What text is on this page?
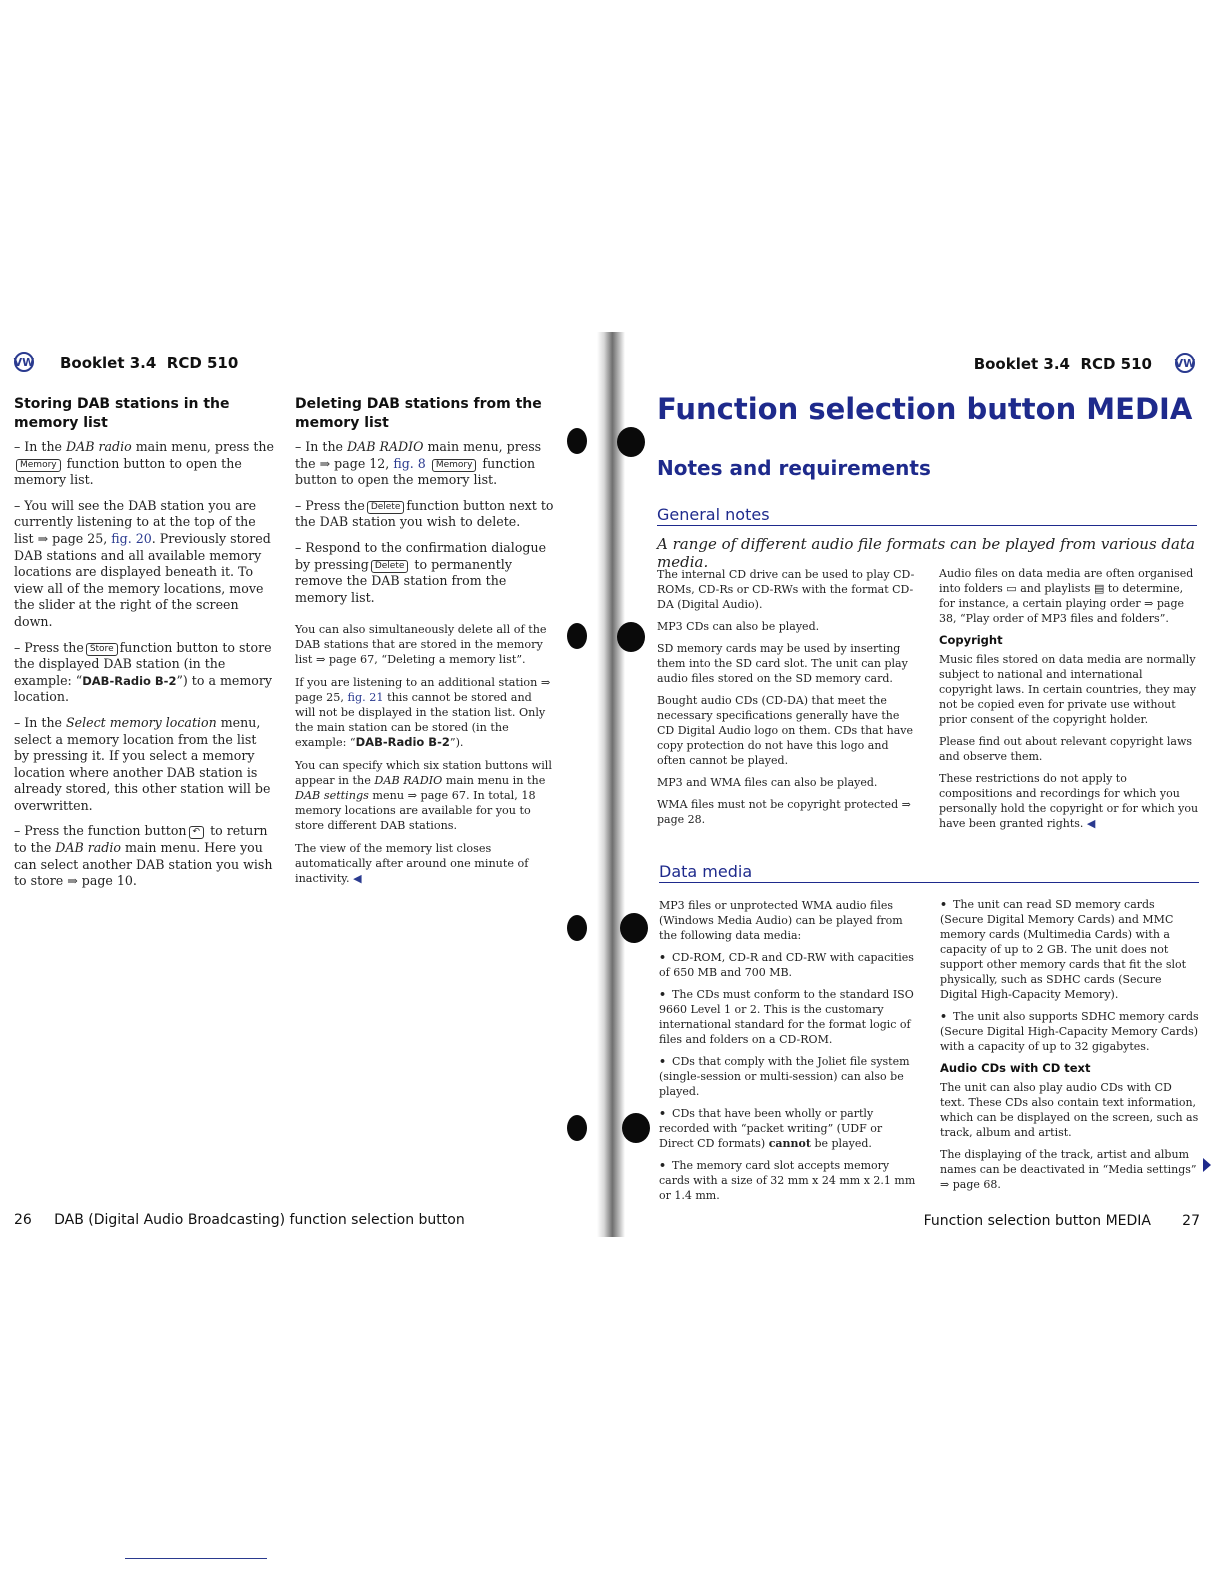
VW Booklet 3.4 RCD 510
Storing DAB stations in the memory list

– In the DAB radio main menu, press the
Memory function button to open the memory list.

– You will see the DAB station you are currently listening to at the top of the list ⇒ page 25, fig. 20. Previously stored DAB stations and all available memory locations are displayed beneath it. To view all of the memory locations, move the slider at the right of the screen down.

– Press the Store function button to store the displayed DAB station (in the example: “DAB-Radio B-2”) to a memory location.

– In the Select memory location menu, select a memory location from the list by pressing it. If you select a memory location where another DAB station is already stored, this other station will be overwritten.

– Press the function button ↶ to return to the DAB radio main menu. Here you can select another DAB station you wish to store ⇒ page 10.

Deleting DAB stations from the memory list

– In the DAB RADIO main menu, press the ⇒ page 12, fig. 8 Memory function button to open the memory list.

– Press the Delete function button next to the DAB station you wish to delete.

– Respond to the confirmation dialogue by pressing Delete to permanently remove the DAB station from the memory list.

You can also simultaneously delete all of the DAB stations that are stored in the memory list ⇒ page 67, “Deleting a memory list”.

If you are listening to an additional station ⇒ page 25, fig. 21 this cannot be stored and will not be displayed in the station list. Only the main station can be stored (in the example: “DAB-Radio B-2”).

You can specify which six station buttons will appear in the DAB RADIO main menu in the DAB settings menu ⇒ page 67. In total, 18 memory locations are available for you to store different DAB stations.

The view of the memory list closes automatically after around one minute of inactivity. ◀

Booklet 3.4 RCD 510 VW
Function selection button MEDIA
Notes and requirements
General notes
A range of different audio file formats can be played from various data media.

The internal CD drive can be used to play CD-ROMs, CD-Rs or CD-RWs with the format CD-DA (Digital Audio).

MP3 CDs can also be played.

SD memory cards may be used by inserting them into the SD card slot. The unit can play audio files stored on the SD memory card.

Bought audio CDs (CD-DA) that meet the necessary specifications generally have the CD Digital Audio logo on them. CDs that have copy protection do not have this logo and often cannot be played.

MP3 and WMA files can also be played.

WMA files must not be copyright protected ⇒ page 28.

Audio files on data media are often organised into folders ▭ and playlists ▤ to determine, for instance, a certain playing order ⇒ page 38, “Play order of MP3 files and folders”.

Copyright

Music files stored on data media are normally subject to national and international copyright laws. In certain countries, they may not be copied even for private use without prior consent of the copyright holder.

Please find out about relevant copyright laws and observe them.

These restrictions do not apply to compositions and recordings for which you personally hold the copyright or for which you have been granted rights. ◀

Data media

MP3 files or unprotected WMA audio files (Windows Media Audio) can be played from the following data media:

• CD-ROM, CD-R and CD-RW with capacities of 650 MB and 700 MB.

• The CDs must conform to the standard ISO 9660 Level 1 or 2. This is the customary international standard for the format logic of files and folders on a CD-ROM.

• CDs that comply with the Joliet file system (single-session or multi-session) can also be played.

• CDs that have been wholly or partly recorded with “packet writing” (UDF or Direct CD formats) cannot be played.

• The memory card slot accepts memory cards with a size of 32 mm x 24 mm x 2.1 mm or 1.4 mm.

• The unit can read SD memory cards (Secure Digital Memory Cards) and MMC memory cards (Multimedia Cards) with a capacity of up to 2 GB. The unit does not support other memory cards that fit the slot physically, such as SDHC cards (Secure Digital High-Capacity Memory).

• The unit also supports SDHC memory cards (Secure Digital High-Capacity Memory Cards) with a capacity of up to 32 gigabytes.

Audio CDs with CD text

The unit can also play audio CDs with CD text. These CDs also contain text information, which can be displayed on the screen, such as track, album and artist.

The displaying of the track, artist and album names can be deactivated in “Media settings” ⇒ page 68.

26 DAB (Digital Audio Broadcasting) function selection button	Function selection button MEDIA 27
